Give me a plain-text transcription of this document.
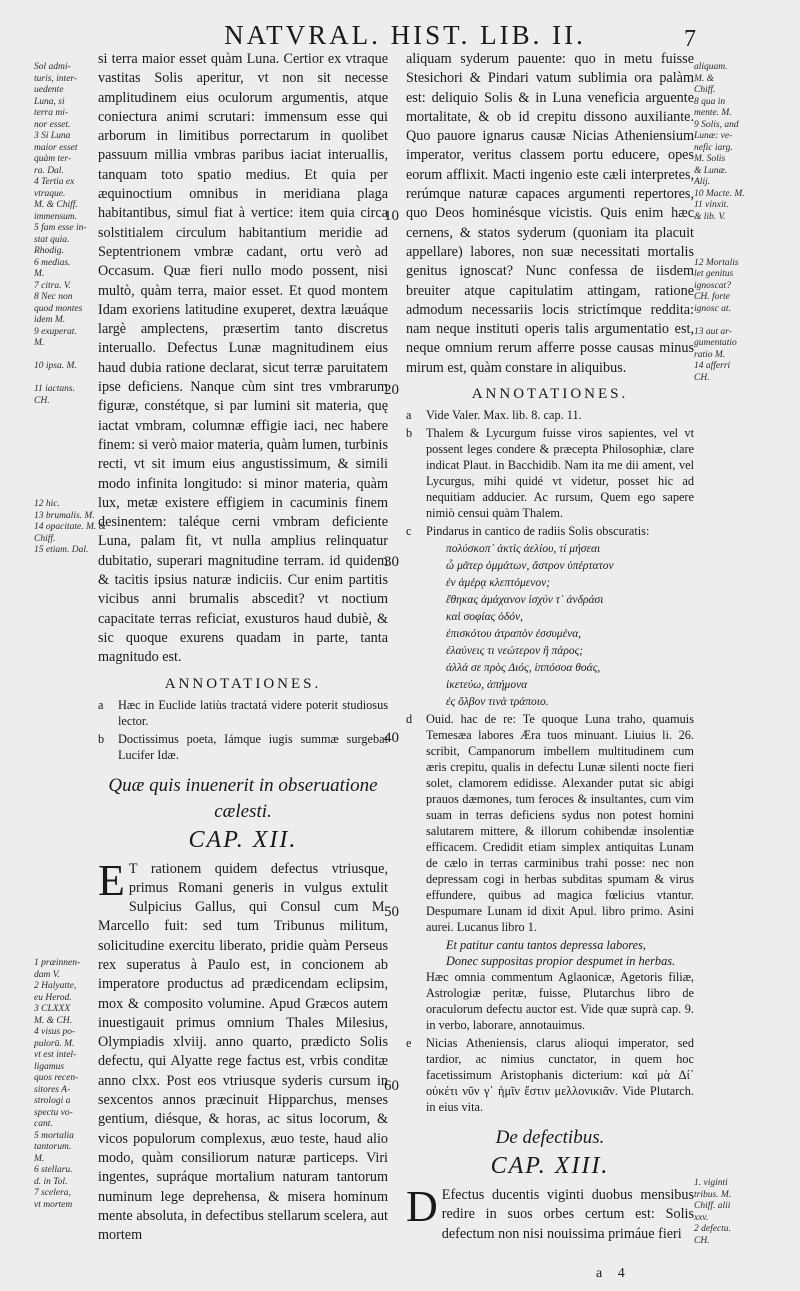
NATVRAL. HIST. LIB. II.	7
Sol admi-
turis, inter-
uedente
Luna, si
terra mi-
nor esset.
3 Si Luna
maior esset
quàm ter-
ra. Dal.
4 Tertia ex
vtraque.
M. & Chiff.
immensum.
5 fam esse in-
stat quia.
Rhodig.
6 medias.
M.
7 citra. V.
8 Nec non
quod montes
idem M.
9 exuperat.
M.

10 ipsa. M.

11 iactans.
CH.

12 hic.
13 brumalis. M.
14 opacitate. M. &
Chiff.
15 etiam. Dal.
1 præinnen-
dam V.
2 Halyatte,
eu Herod.
3 CLXXX
M. & CH.
4 visus po-
pulorū. M.
vt est intel-
ligamus
quos recen-
sitores A-
strologi a
spectu vo-
cant.
5 mortalia
tantorum.
M.
6 stellaru.
d. in Tol.
7 scelera,
vt mortem
aliquam.
M. &
Chiff.
8 qua in
mente. M.
9 Solis, and
Lunæ: ve-
nefic iarg.
M. Solis
& Lunæ.
Alij.
10 Macte. M.
11 vinxit.
& lib. V.

12 Mortalis
let genitus
ignoscat?
CH. forte
ignosc at.

13 aut ar-
gumentatio
ratio M.
14 afferri
CH.
1. viginti
tribus. M.
Chiff. alii
xxv.
2 defectu.
CH.
10
20
30
40
50
60

si terra maior esset quàm Luna. Certior ex vtraque vastitas Solis aperitur, vt non sit necesse amplitudinem eius oculorum argumentis, atque coniectura animi scrutari: immensum esse qui arborum in limitibus porrectarum in quolibet passuum millia vmbras paribus iaciat interuallis, tanquam toto spatio medius. Et quia per æquinoctium omnibus in meridiana plaga habitantibus, simul fiat à vertice: item quia circa solstitialem circulum habitantium meridie ad Septentrionem vmbræ cadant, ortu verò ad Occasum. Quæ fieri nullo modo possent, nisi multò, quàm terra, maior esset. Et quod montem Idam exoriens latitudine exuperet, dextra læuáque largè amplectens, præsertim tanto discretus interuallo. Defectus Lunæ magnitudinem eius haud dubia ratione declarat, sicut terræ paruitatem ipse deficiens. Nanque cùm sint tres vmbrarum figuræ, constétque, si par lumini sit materia, quę iactat vmbram, columnæ effigie iaci, nec habere finem: si verò maior materia, quàm lumen, turbinis recti, vt sit imum eius angustissimum, & simili modo infinita longitudo: si minor materia, quàm lux, metæ existere effigiem in cacuminis finem desinentem: taléque cerni vmbram deficiente Luna, palam fit, vt nulla amplius relinquatur dubitatio, superari magnitudine terram. id quidem & tacitis ipsius naturæ indiciis. Cur enim partitis vicibus anni brumalis abscedit? vt noctium capacitate terras reficiat, exusturos haud dubiè, & sic quoque exurens quadam in parte, tanta magnitudo est.

ANNOTATIONES.
a	Hæc in Euclide latiùs tractatá videre poterit studiosus lector.
b	Doctissimus poeta, Iámque iugis summæ surgebat Lucifer Idæ.
Quæ quis inuenerit in obseruatione cælesti.
CAP. XII.

E T rationem quidem defectus vtriusque, primus Romani generis in vulgus extulit Sulpicius Gallus, qui Consul cum M. Marcello fuit: sed tum Tribunus militum, solicitudine exercitu liberato, pridie quàm Perseus rex superatus à Paulo est, in concionem ab imperatore productus ad prædicendam eclipsim, mox & composito volumine. Apud Græcos autem inuestigauit primus omnium Thales Milesius, Olympiadis xlviij. anno quarto, prædicto Solis defectu, qui Alyatte rege factus est, vrbis conditæ anno clxx. Post eos vtriusque syderis cursum in sexcentos annos præcinuit Hipparchus, menses gentium, diésque, & horas, ac situs locorum, & vicos populorum complexus, æuo teste, haud alio modo, quàm consiliorum naturæ particeps. Viri ingentes, supráque mortalium naturam tantorum numinum lege deprehensa, & misera hominum mente absoluta, in defectibus stellarum scelera, aut mortem

aliquam syderum pauente: quo in metu fuisse Stesichori & Pindari vatum sublimia ora palàm est: deliquio Solis & in Luna veneficia arguente mortalitate, & ob id crepitu dissono auxiliante. Quo pauore ignarus causæ Nicias Atheniensium imperator, veritus classem portu educere, opes eorum afflixit. Macti ingenio este cæli interpretes, rerúmque naturæ capaces argumenti repertores, quo Deos hominésque vicistis. Quis enim hæc cernens, & statos syderum (quoniam ita placuit appellare) labores, non suæ necessitati mortalis genitus ignoscat? Nunc confessa de iisdem breuiter atque capitulatim attingam, ratione admodum necessariis locis strictímque reddita: nam neque instituti operis talis argumentatio est, neque omnium rerum afferre posse causas minus mirum est, quàm constare in aliquibus.

ANNOTATIONES.
a	Vide Valer. Max. lib. 8. cap. 11.
b	Thalem & Lycurgum fuisse viros sapientes, vel vt possent leges condere & præcepta Philosophiæ, clare indicat Plaut. in Bacchidib. Nam ita me dii ament, vel Lycurgus, mihi quidé vt videtur, posset hic ad nequitiam adducier. Ac rursum, Quem ego sapere nimiò censui quàm Thalem.
c	Pindarus in cantico de radiis Solis obscuratis:
πολύσκοπ᾽ ἀκτὶς ἀελίου, τί μήσεαι
ὦ μᾶτερ ὀμμάτων, ἄστρον ὑπέρτατον
ἐν ἁμέρᾳ κλεπτόμενον;
ἔθηκας ἀμάχανον ἰσχύν τ᾽ ἀνδράσι
καὶ σοφίας ὁδόν,
ἐπισκότου ἀτραπὸν ἐσσυμένα,
ἐλαύνεις τι νεώτερον ἢ πάρος;
ἀλλά σε πρὸς Διός, ἱππόσοα θοάς,
ἱκετεύω, ἀπήμονα
ἐς ὄλβον τινὰ τράποιο.
d	Ouid. hac de re: Te quoque Luna traho, quamuis Temesæa labores Æra tuos minuant. Liuius li. 26. scribit, Campanorum imbellem multitudinem cum æris crepitu, qualis in defectu Lunæ silenti nocte fieri solet, clamorem edidisse. Alexander putat sic abigi prauos dæmones, tum feroces & insultantes, cum vim suam in terras deficiens sydus non potest homini salutarem mittere, & illorum cohibendæ insolentiæ efficacem. Credidit etiam simplex antiquitas Lunam de cælo in terras carminibus trahi posse: nec non depressam cogi in herbas subditas spumam & virus effundere, quibus ad magica fœlicius vtantur. Despumare Lunam id dixit Apul. libro primo. Asini aurei. Lucanus libro 1.
Et patitur cantu tantos depressa labores,
Donec suppositas propior despumet in herbas.
Hæc omnia commentum Aglaonicæ, Agetoris filiæ, Astrologiæ peritæ, fuisse, Plutarchus libro de oraculorum defectu auctor est. Vide quæ suprà cap. 9. in verbo, laborare, annotauimus.
e	Nicias Atheniensis, clarus alioqui imperator, sed tardior, ac nimius cunctator, in quem hoc facetissimum Aristophanis dicterium: καὶ μὰ Δί᾽ οὐκέτι νῦν γ᾽ ἡμῖν ἔστιν μελλονικιᾶν. Vide Plutarch. in eius vita.
De defectibus.
CAP. XIII.

D Efectus ducentis viginti duobus mensibus redire in suos orbes certum est: Solis defectum non nisi nouissima primáue fieri

a 4
